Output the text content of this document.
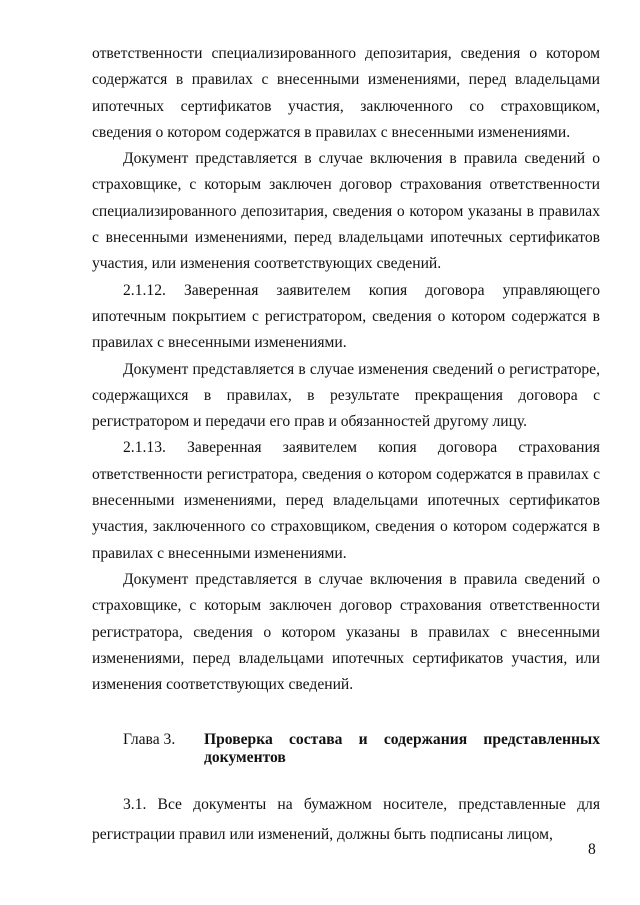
ответственности специализированного депозитария, сведения о котором содержатся в правилах с внесенными изменениями, перед владельцами ипотечных сертификатов участия, заключенного со страховщиком, сведения о котором содержатся в правилах с внесенными изменениями.

Документ представляется в случае включения в правила сведений о страховщике, с которым заключен договор страхования ответственности специализированного депозитария, сведения о котором указаны в правилах с внесенными изменениями, перед владельцами ипотечных сертификатов участия, или изменения соответствующих сведений.

2.1.12. Заверенная заявителем копия договора управляющего ипотечным покрытием с регистратором, сведения о котором содержатся в правилах с внесенными изменениями.

Документ представляется в случае изменения сведений о регистраторе, содержащихся в правилах, в результате прекращения договора с регистратором и передачи его прав и обязанностей другому лицу.

2.1.13. Заверенная заявителем копия договора страхования ответственности регистратора, сведения о котором содержатся в правилах с внесенными изменениями, перед владельцами ипотечных сертификатов участия, заключенного со страховщиком, сведения о котором содержатся в правилах с внесенными изменениями.

Документ представляется в случае включения в правила сведений о страховщике, с которым заключен договор страхования ответственности регистратора, сведения о котором указаны в правилах с внесенными изменениями, перед владельцами ипотечных сертификатов участия, или изменения соответствующих сведений.

Глава 3.	Проверка состава и содержания представленных документов

3.1. Все документы на бумажном носителе, представленные для регистрации правил или изменений, должны быть подписаны лицом,

8
